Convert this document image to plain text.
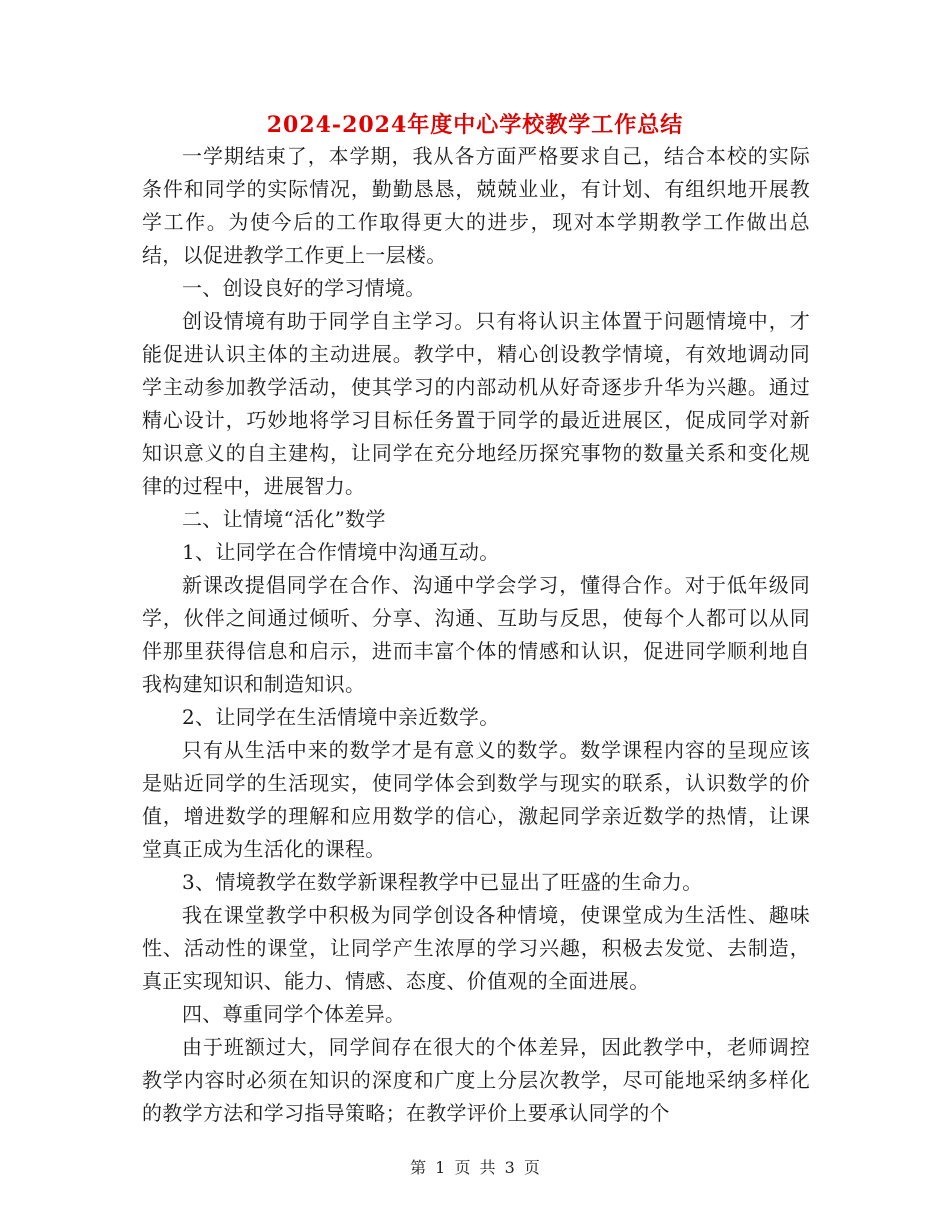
2024-2024年度中心学校教学工作总结

一学期结束了，本学期，我从各方面严格要求自己，结合本校的实际条件和同学的实际情况，勤勤恳恳，兢兢业业，有计划、有组织地开展教学工作。为使今后的工作取得更大的进步，现对本学期教学工作做出总结，以促进教学工作更上一层楼。

一、创设良好的学习情境。

创设情境有助于同学自主学习。只有将认识主体置于问题情境中，才能促进认识主体的主动进展。教学中，精心创设教学情境，有效地调动同学主动参加教学活动，使其学习的内部动机从好奇逐步升华为兴趣。通过精心设计，巧妙地将学习目标任务置于同学的最近进展区，促成同学对新知识意义的自主建构，让同学在充分地经历探究事物的数量关系和变化规律的过程中，进展智力。

二、让情境“活化”数学

1、让同学在合作情境中沟通互动。

新课改提倡同学在合作、沟通中学会学习，懂得合作。对于低年级同学，伙伴之间通过倾听、分享、沟通、互助与反思，使每个人都可以从同伴那里获得信息和启示，进而丰富个体的情感和认识，促进同学顺利地自我构建知识和制造知识。

2、让同学在生活情境中亲近数学。

只有从生活中来的数学才是有意义的数学。数学课程内容的呈现应该是贴近同学的生活现实，使同学体会到数学与现实的联系，认识数学的价值，增进数学的理解和应用数学的信心，激起同学亲近数学的热情，让课堂真正成为生活化的课程。

3、情境教学在数学新课程教学中已显出了旺盛的生命力。

我在课堂教学中积极为同学创设各种情境，使课堂成为生活性、趣味性、活动性的课堂，让同学产生浓厚的学习兴趣，积极去发觉、去制造，真正实现知识、能力、情感、态度、价值观的全面进展。

四、尊重同学个体差异。

由于班额过大，同学间存在很大的个体差异，因此教学中，老师调控教学内容时必须在知识的深度和广度上分层次教学，尽可能地采纳多样化的教学方法和学习指导策略；在教学评价上要承认同学的个

第 1 页 共 3 页
